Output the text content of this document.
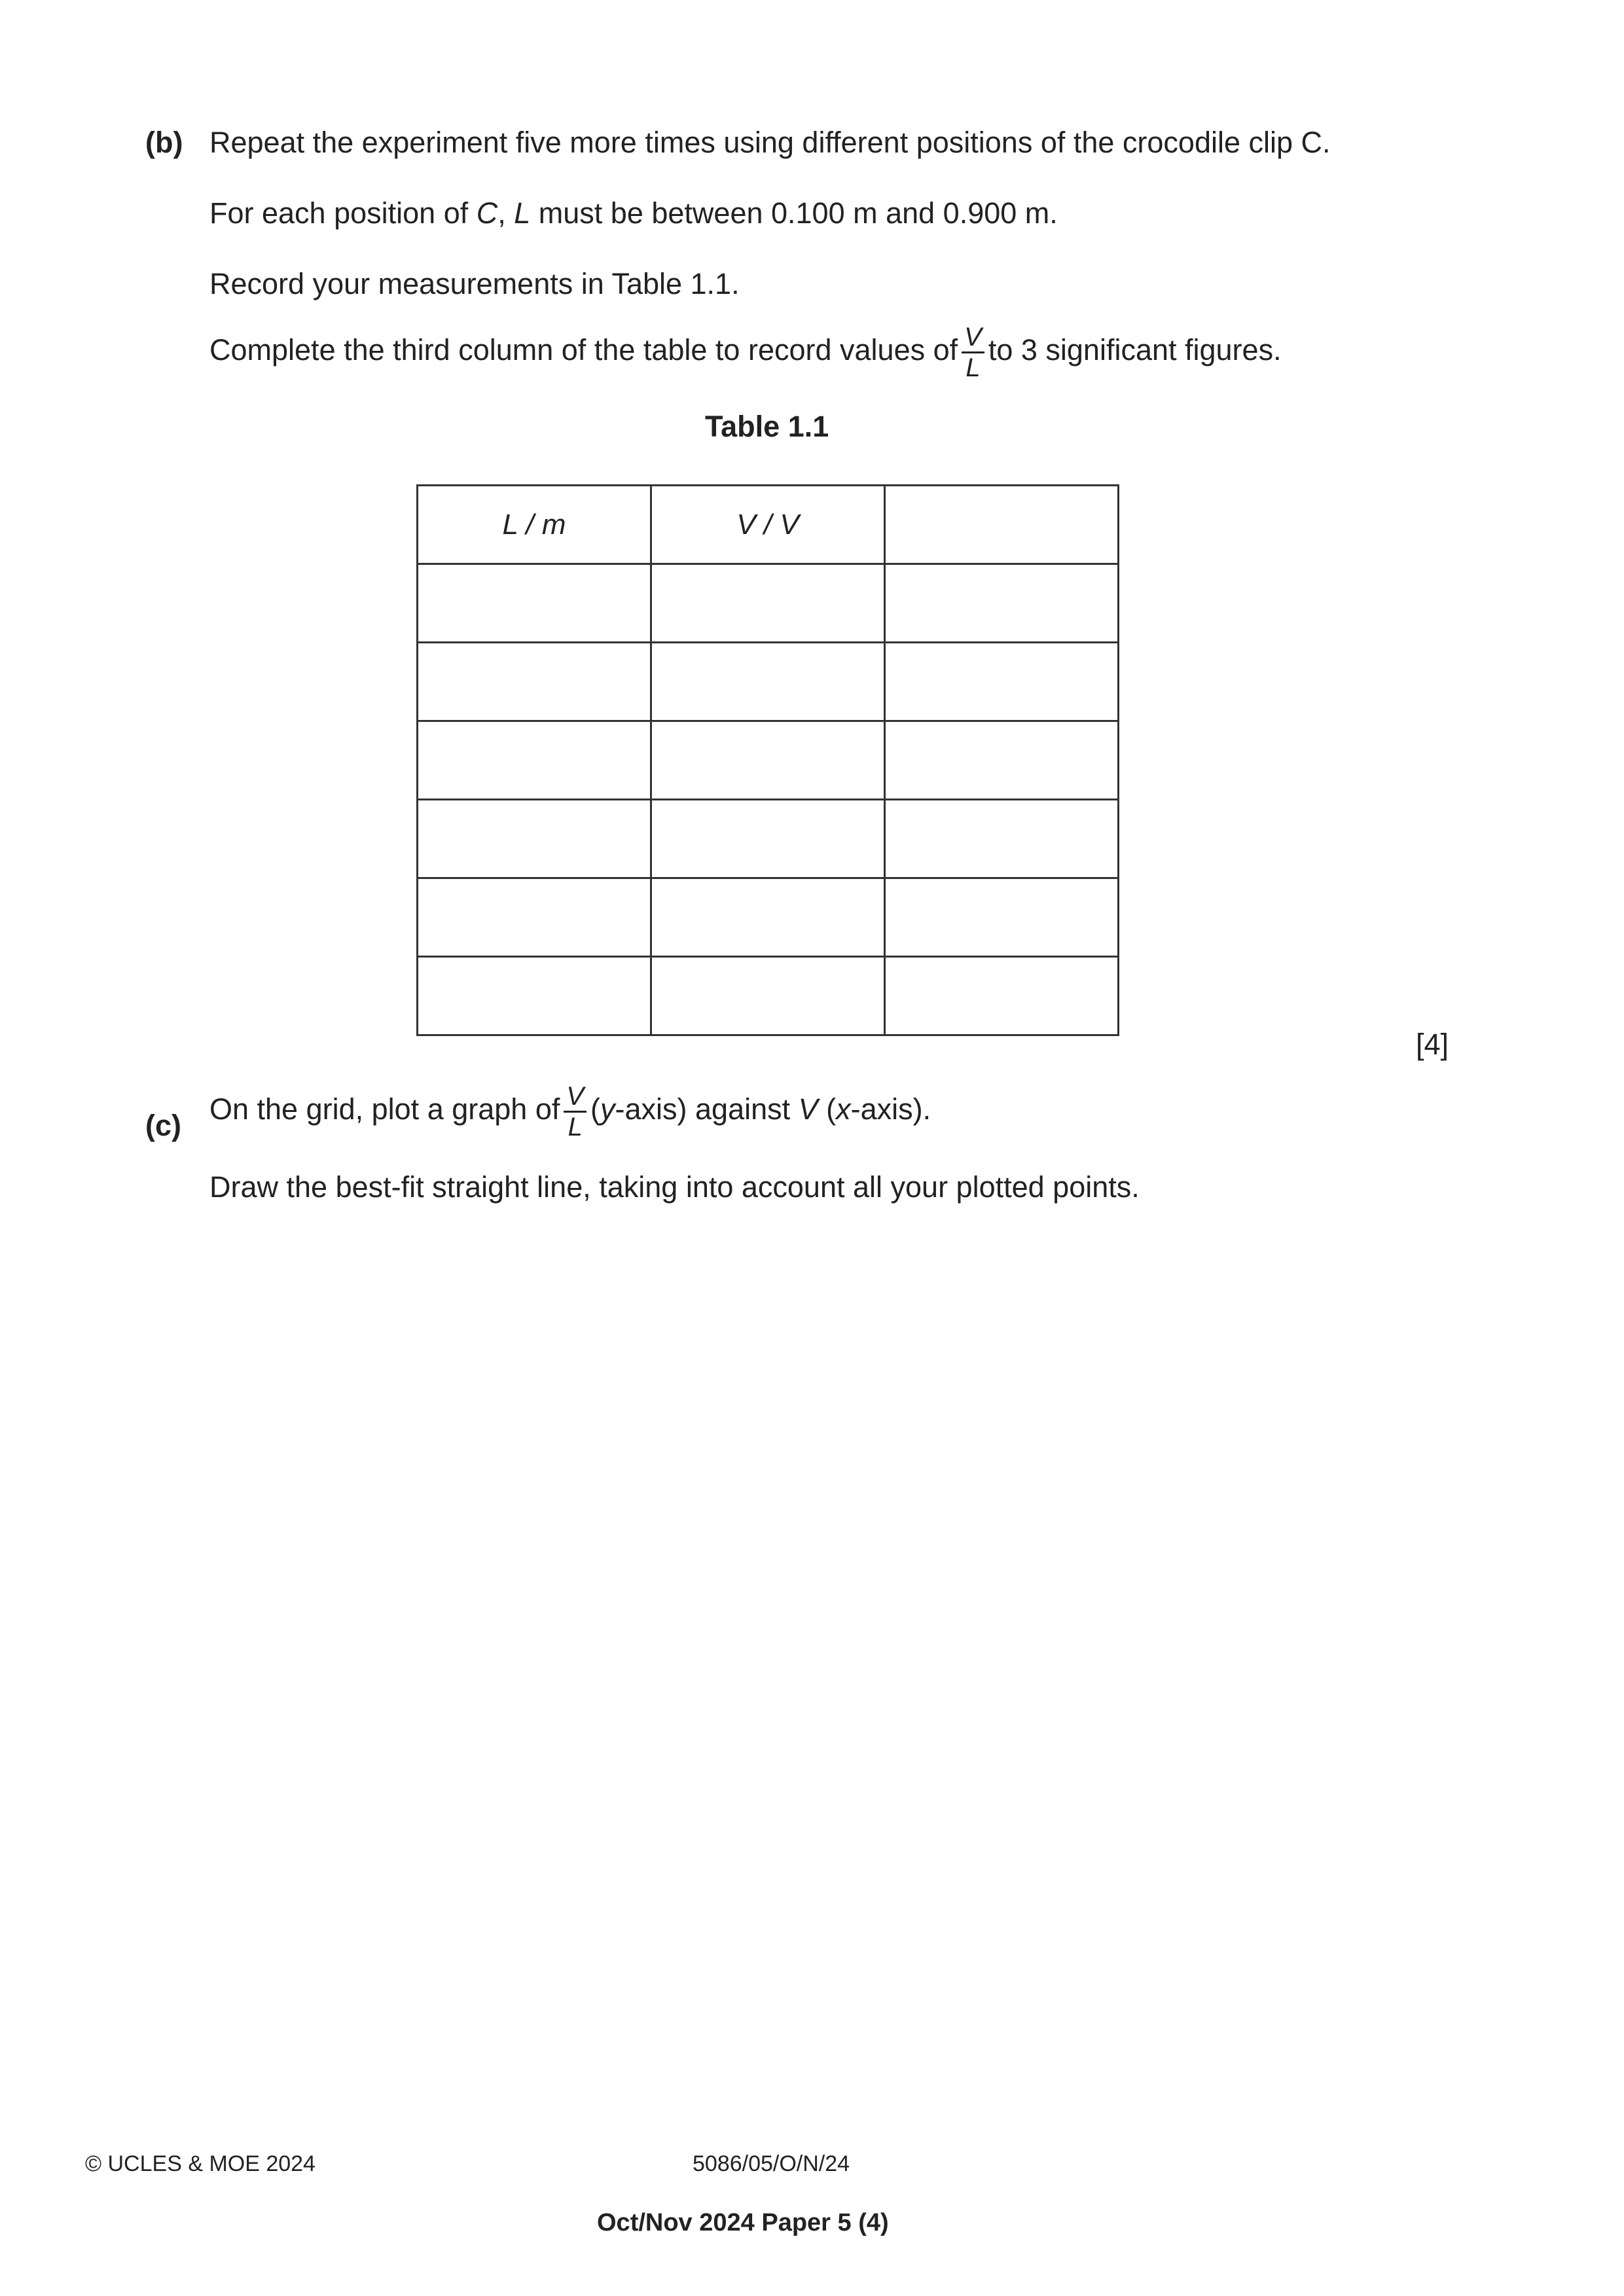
(b) Repeat the experiment five more times using different positions of the crocodile clip C.
For each position of C, L must be between 0.100 m and 0.900 m.
Record your measurements in Table 1.1.
Complete the third column of the table to record values of $\frac{V}{L}$ to 3 significant figures.
Table 1.1
L / m	V / V	

[4]
(c) On the grid, plot a graph of $\frac{V}{L}$ (y-axis) against V (x-axis).
Draw the best-fit straight line, taking into account all your plotted points.
© UCLES & MOE 2024	5086/05/O/N/24
Oct/Nov 2024 Paper 5 (4)
